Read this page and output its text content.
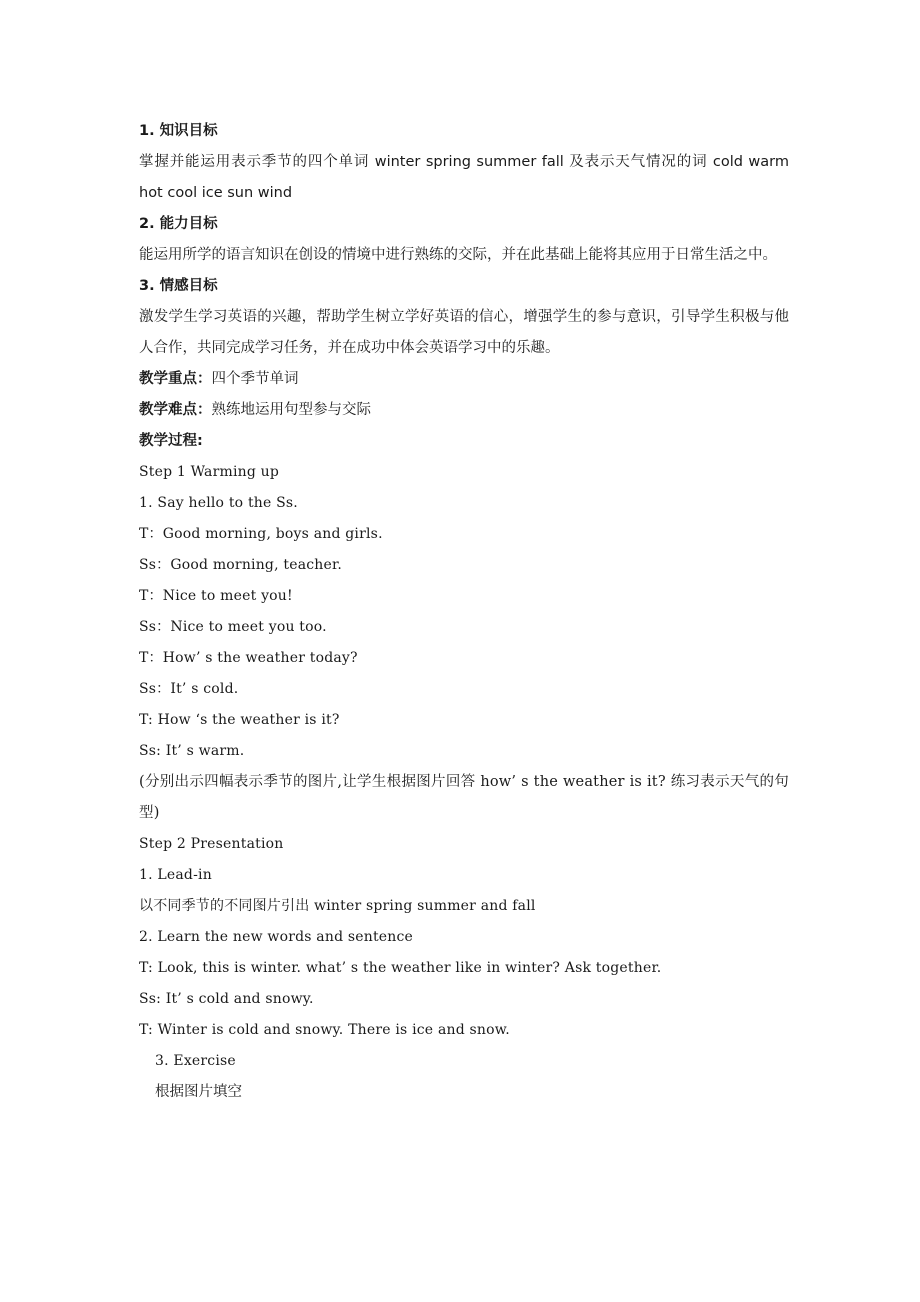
1. 知识目标
掌握并能运用表示季节的四个单词 winter spring summer fall 及表示天气情况的词 cold warm hot cool ice sun wind
2. 能力目标
能运用所学的语言知识在创设的情境中进行熟练的交际，并在此基础上能将其应用于日常生活之中。
3. 情感目标
激发学生学习英语的兴趣，帮助学生树立学好英语的信心，增强学生的参与意识，引导学生积极与他人合作，共同完成学习任务，并在成功中体会英语学习中的乐趣。
教学重点：四个季节单词
教学难点：熟练地运用句型参与交际
教学过程:
Step 1 Warming up
1. Say hello to the Ss.
T：Good morning, boys and girls.
Ss：Good morning, teacher.
T：Nice to meet you!
Ss：Nice to meet you too.
T：How’ s the weather today?
Ss：It’ s cold.
T: How ‘s the weather is it?
Ss: It’ s warm.
(分别出示四幅表示季节的图片,让学生根据图片回答 how’ s the weather is it? 练习表示天气的句型)
Step 2 Presentation
1. Lead-in
以不同季节的不同图片引出 winter spring summer and fall
2. Learn the new words and sentence
T: Look, this is winter. what’ s the weather like in winter? Ask together.
Ss: It’ s cold and snowy.
T: Winter is cold and snowy. There is ice and snow.
3. Exercise
根据图片填空
